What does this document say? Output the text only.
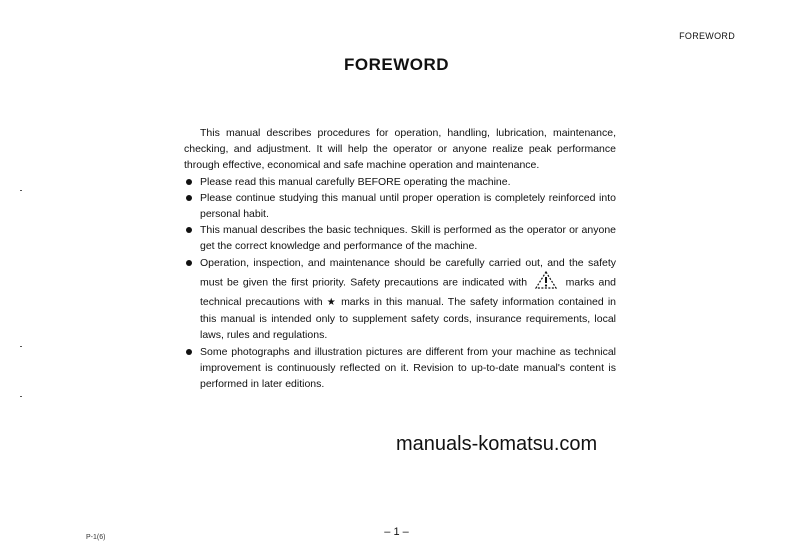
FOREWORD
FOREWORD

This manual describes procedures for operation, handling, lubrication, maintenance, checking, and adjustment. It will help the operator or anyone realize peak performance through effective, economical and safe machine operation and maintenance.

Please read this manual carefully BEFORE operating the machine.
Please continue studying this manual until proper operation is completely reinforced into personal habit.
This manual describes the basic techniques. Skill is performed as the operator or anyone get the correct knowledge and performance of the machine.
Operation, inspection, and maintenance should be carefully carried out, and the safety must be given the first priority. Safety precautions are indicated with	marks and technical precautions with ★ marks in this manual. The safety information contained in this manual is intended only to supplement safety cords, insurance requirements, local laws, rules and regulations.
Some photographs and illustration pictures are different from your machine as technical improvement is continuously reflected on it. Revision to up-to-date manual's content is performed in later editions.
manuals-komatsu.com
– 1 –
P-1(6)
